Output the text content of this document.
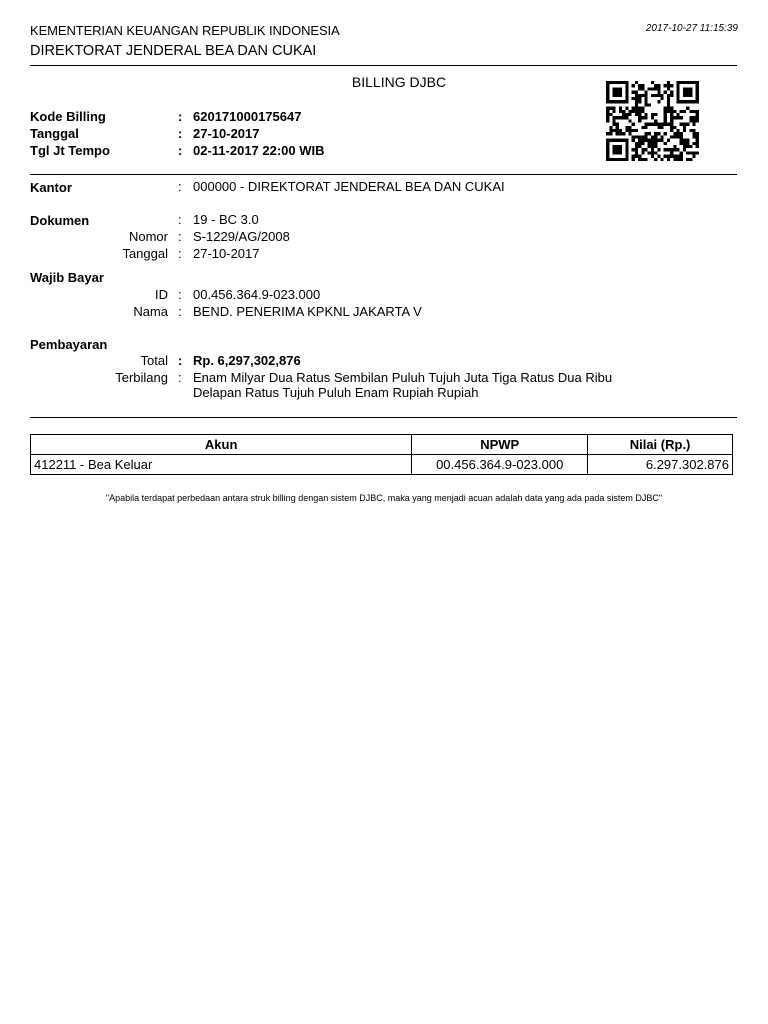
KEMENTERIAN KEUANGAN REPUBLIK INDONESIA
DIREKTORAT JENDERAL BEA DAN CUKAI
2017-10-27 11:15:39
BILLING DJBC
Kode Billing	: 620171000175647
Tanggal	: 27-10-2017
Tgl Jt Tempo	: 02-11-2017 22:00 WIB
Kantor	: 000000 - DIREKTORAT JENDERAL BEA DAN CUKAI
Dokumen	: 19 - BC 3.0
Nomor : S-1229/AG/2008
Tanggal : 27-10-2017
Wajib Bayar
ID : 00.456.364.9-023.000
Nama : BEND. PENERIMA KPKNL JAKARTA V
Pembayaran
Total : Rp. 6,297,302,876
Terbilang : Enam Milyar Dua Ratus Sembilan Puluh Tujuh Juta Tiga Ratus Dua Ribu
Delapan Ratus Tujuh Puluh Enam Rupiah Rupiah
Akun	NPWP	Nilai (Rp.)
412211 - Bea Keluar	00.456.364.9-023.000	6.297.302.876
"Apabila terdapat perbedaan antara struk billing dengan sistem DJBC, maka yang menjadi acuan adalah data yang ada pada sistem DJBC"
